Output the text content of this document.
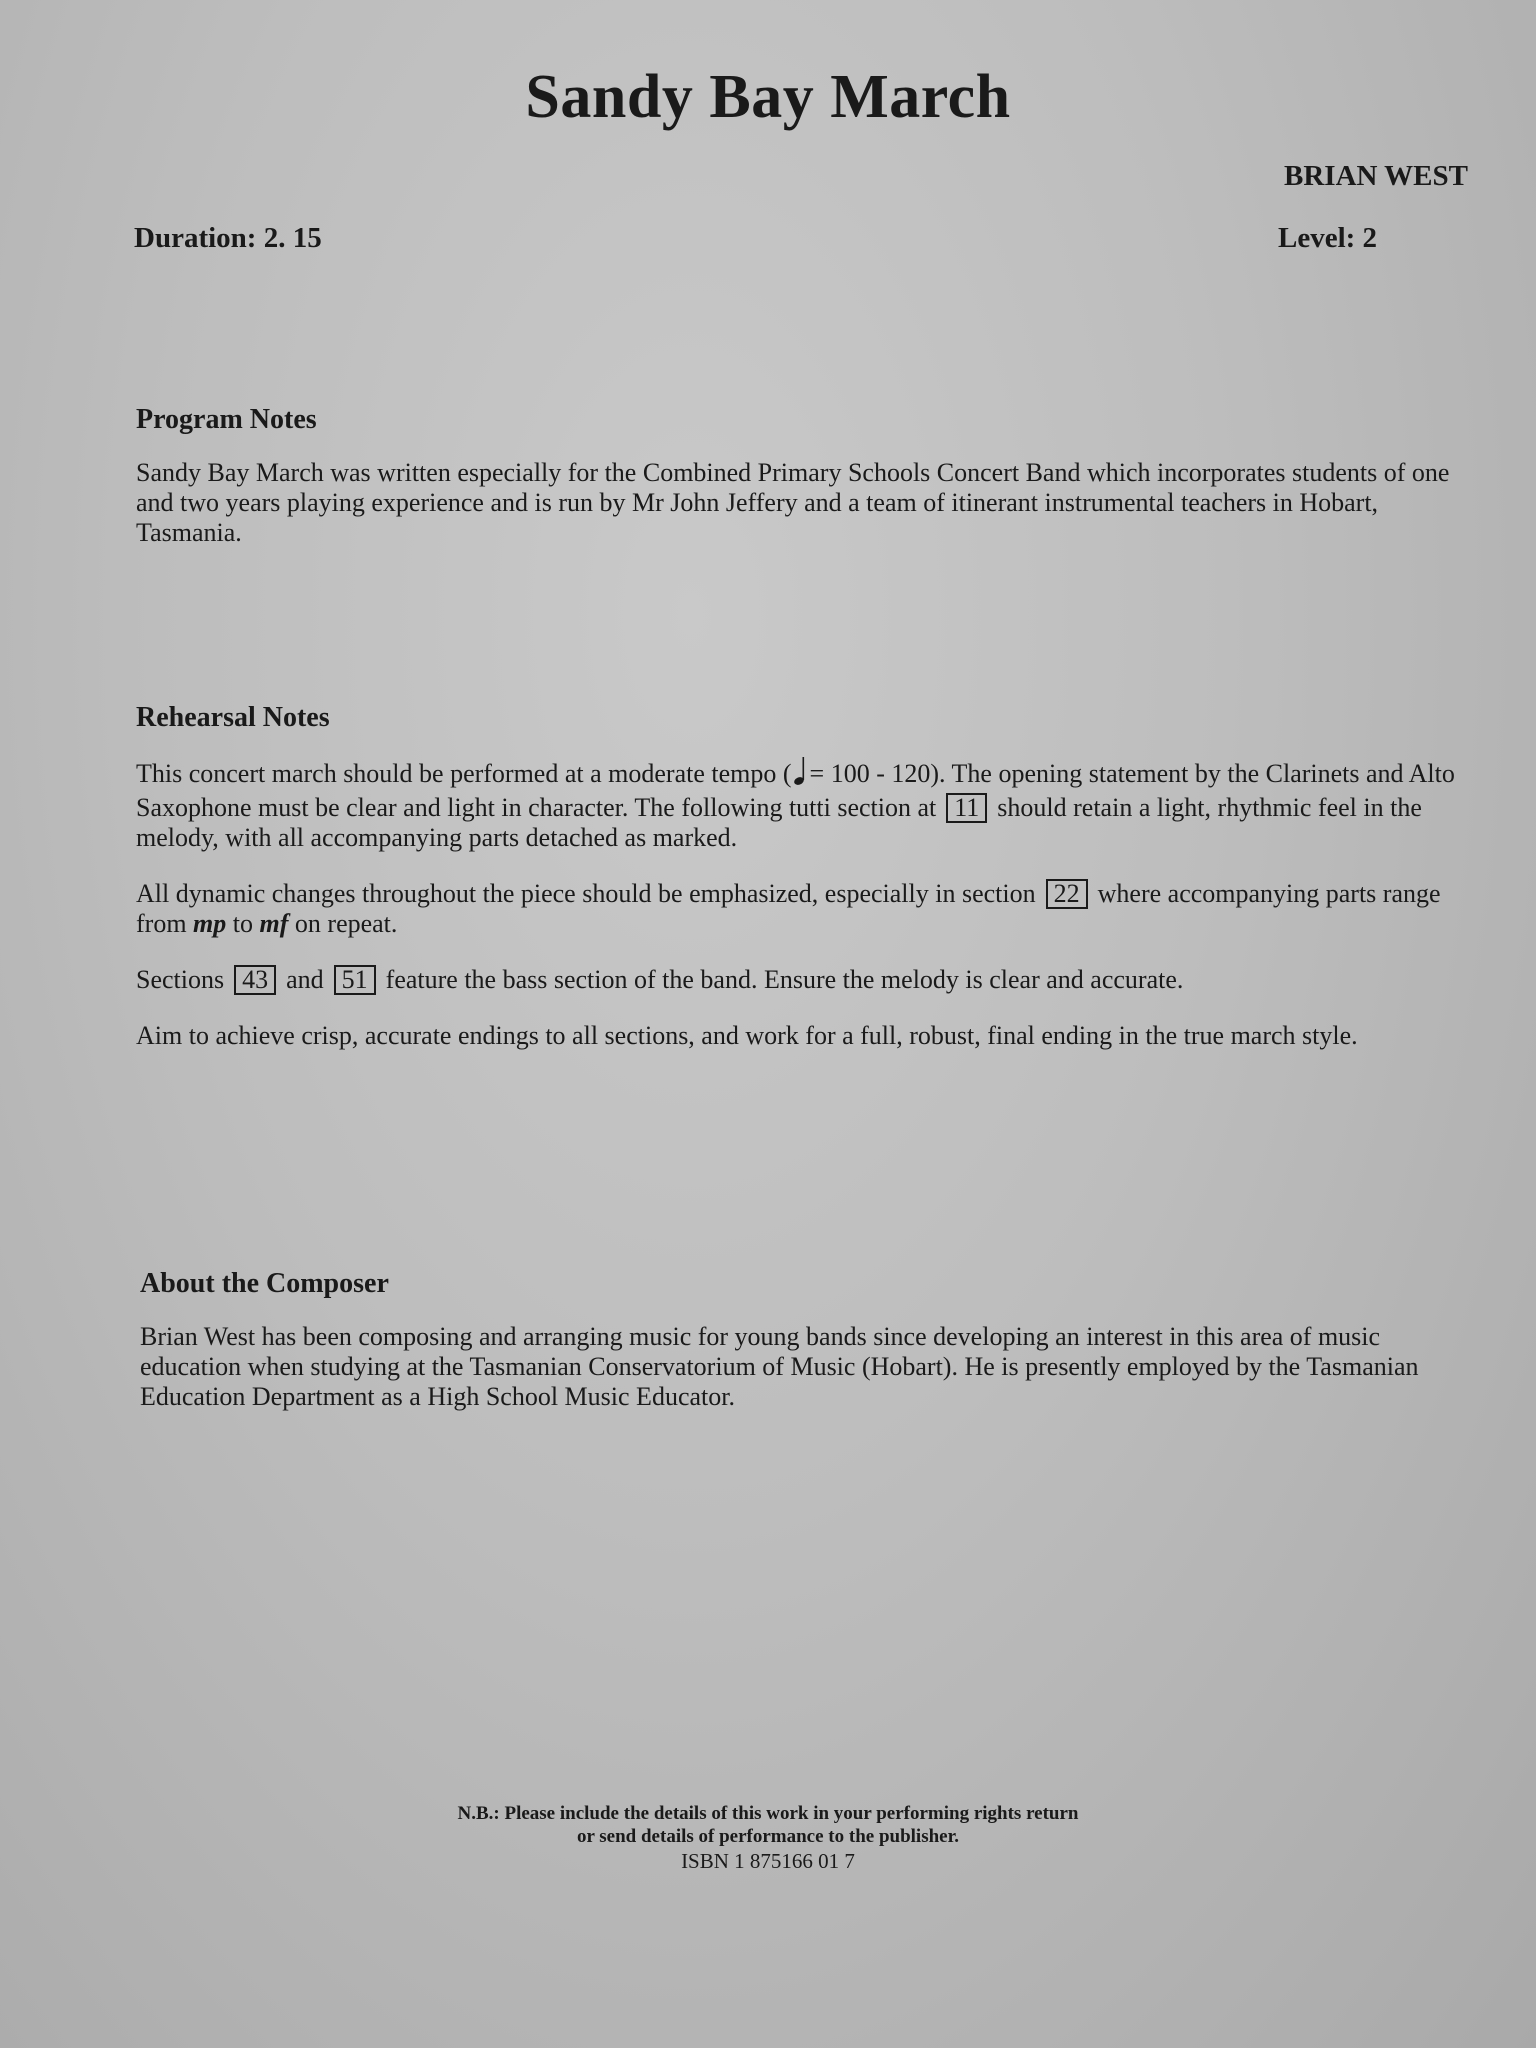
Sandy Bay March

BRIAN WEST

Duration: 2. 15	Level: 2

Program Notes

Sandy Bay March was written especially for the Combined Primary Schools Concert Band which incorporates students of one and two years playing experience and is run by Mr John Jeffery and a team of itinerant instrumental teachers in Hobart, Tasmania.

Rehearsal Notes

This concert march should be performed at a moderate tempo ( = 100 - 120). The opening statement by the Clarinets and Alto Saxophone must be clear and light in character. The following tutti section at 11 should retain a light, rhythmic feel in the melody, with all accompanying parts detached as marked.

All dynamic changes throughout the piece should be emphasized, especially in section 22 where accompanying parts range from mp to mf on repeat.

Sections 43 and 51 feature the bass section of the band. Ensure the melody is clear and accurate.

Aim to achieve crisp, accurate endings to all sections, and work for a full, robust, final ending in the true march style.

About the Composer

Brian West has been composing and arranging music for young bands since developing an interest in this area of music education when studying at the Tasmanian Conservatorium of Music (Hobart). He is presently employed by the Tasmanian Education Department as a High School Music Educator.

N.B.: Please include the details of this work in your performing rights return

or send details of performance to the publisher.

ISBN 1 875166 01 7
